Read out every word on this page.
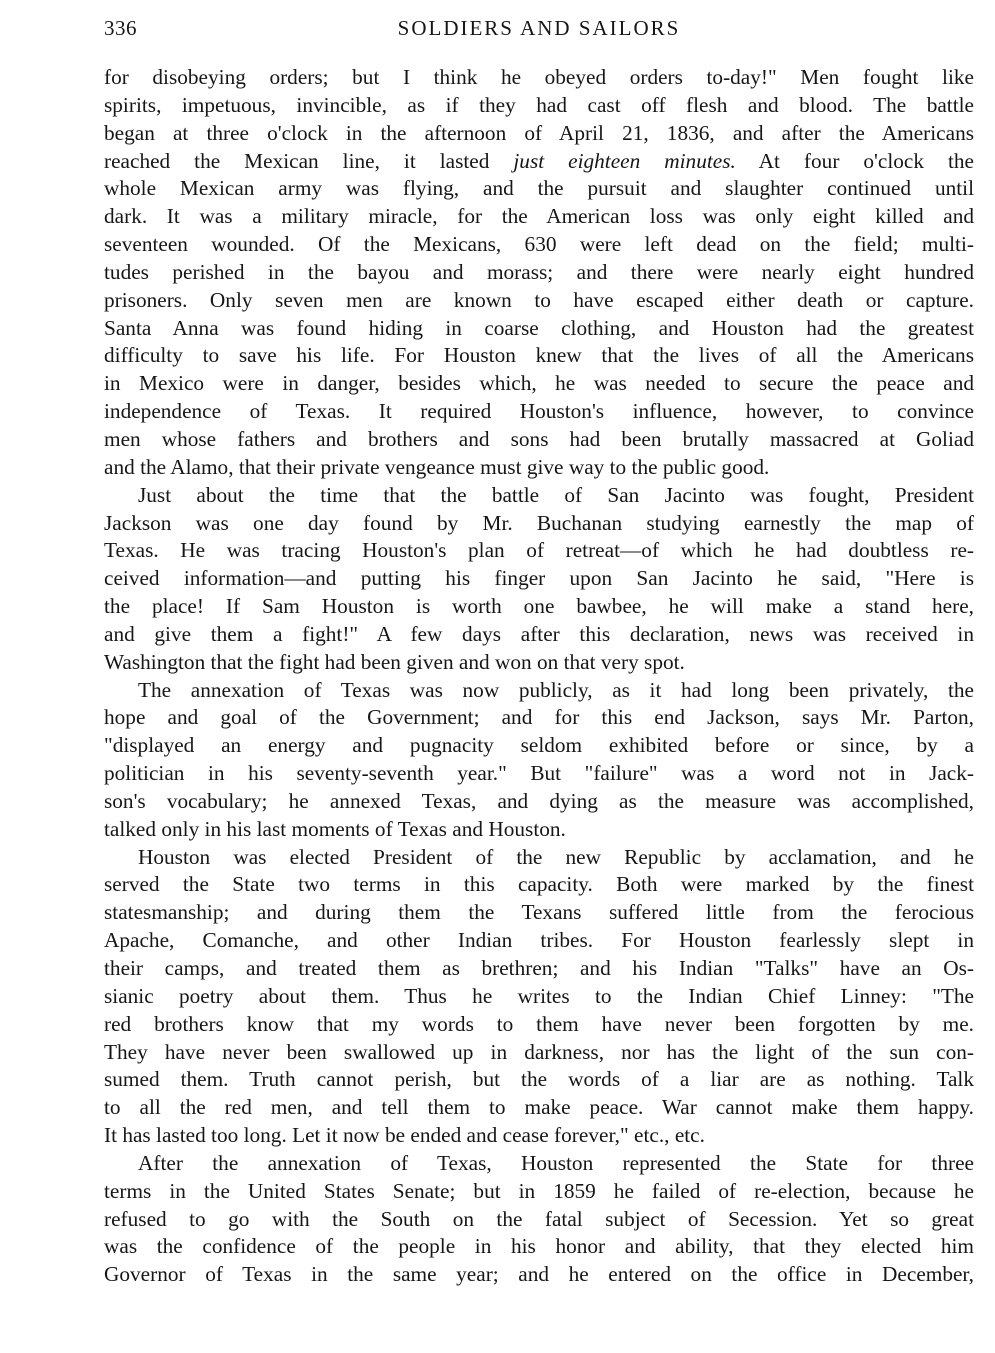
336	SOLDIERS AND SAILORS
for disobeying orders; but I think he obeyed orders to-day!" Men fought like
spirits, impetuous, invincible, as if they had cast off flesh and blood. The battle
began at three o'clock in the afternoon of April 21, 1836, and after the Americans
reached the Mexican line, it lasted just eighteen minutes. At four o'clock the
whole Mexican army was flying, and the pursuit and slaughter continued until
dark. It was a military miracle, for the American loss was only eight killed and
seventeen wounded. Of the Mexicans, 630 were left dead on the field; multi-
tudes perished in the bayou and morass; and there were nearly eight hundred
prisoners. Only seven men are known to have escaped either death or capture.
Santa Anna was found hiding in coarse clothing, and Houston had the greatest
difficulty to save his life. For Houston knew that the lives of all the Americans
in Mexico were in danger, besides which, he was needed to secure the peace and
independence of Texas. It required Houston's influence, however, to convince
men whose fathers and brothers and sons had been brutally massacred at Goliad
and the Alamo, that their private vengeance must give way to the public good.
Just about the time that the battle of San Jacinto was fought, President
Jackson was one day found by Mr. Buchanan studying earnestly the map of
Texas. He was tracing Houston's plan of retreat—of which he had doubtless re-
ceived information—and putting his finger upon San Jacinto he said, "Here is
the place! If Sam Houston is worth one bawbee, he will make a stand here,
and give them a fight!" A few days after this declaration, news was received in
Washington that the fight had been given and won on that very spot.
The annexation of Texas was now publicly, as it had long been privately, the
hope and goal of the Government; and for this end Jackson, says Mr. Parton,
"displayed an energy and pugnacity seldom exhibited before or since, by a
politician in his seventy-seventh year." But "failure" was a word not in Jack-
son's vocabulary; he annexed Texas, and dying as the measure was accomplished,
talked only in his last moments of Texas and Houston.
Houston was elected President of the new Republic by acclamation, and he
served the State two terms in this capacity. Both were marked by the finest
statesmanship; and during them the Texans suffered little from the ferocious
Apache, Comanche, and other Indian tribes. For Houston fearlessly slept in
their camps, and treated them as brethren; and his Indian "Talks" have an Os-
sianic poetry about them. Thus he writes to the Indian Chief Linney: "The
red brothers know that my words to them have never been forgotten by me.
They have never been swallowed up in darkness, nor has the light of the sun con-
sumed them. Truth cannot perish, but the words of a liar are as nothing. Talk
to all the red men, and tell them to make peace. War cannot make them happy.
It has lasted too long. Let it now be ended and cease forever," etc., etc.
After the annexation of Texas, Houston represented the State for three
terms in the United States Senate; but in 1859 he failed of re-election, because he
refused to go with the South on the fatal subject of Secession. Yet so great
was the confidence of the people in his honor and ability, that they elected him
Governor of Texas in the same year; and he entered on the office in December,
